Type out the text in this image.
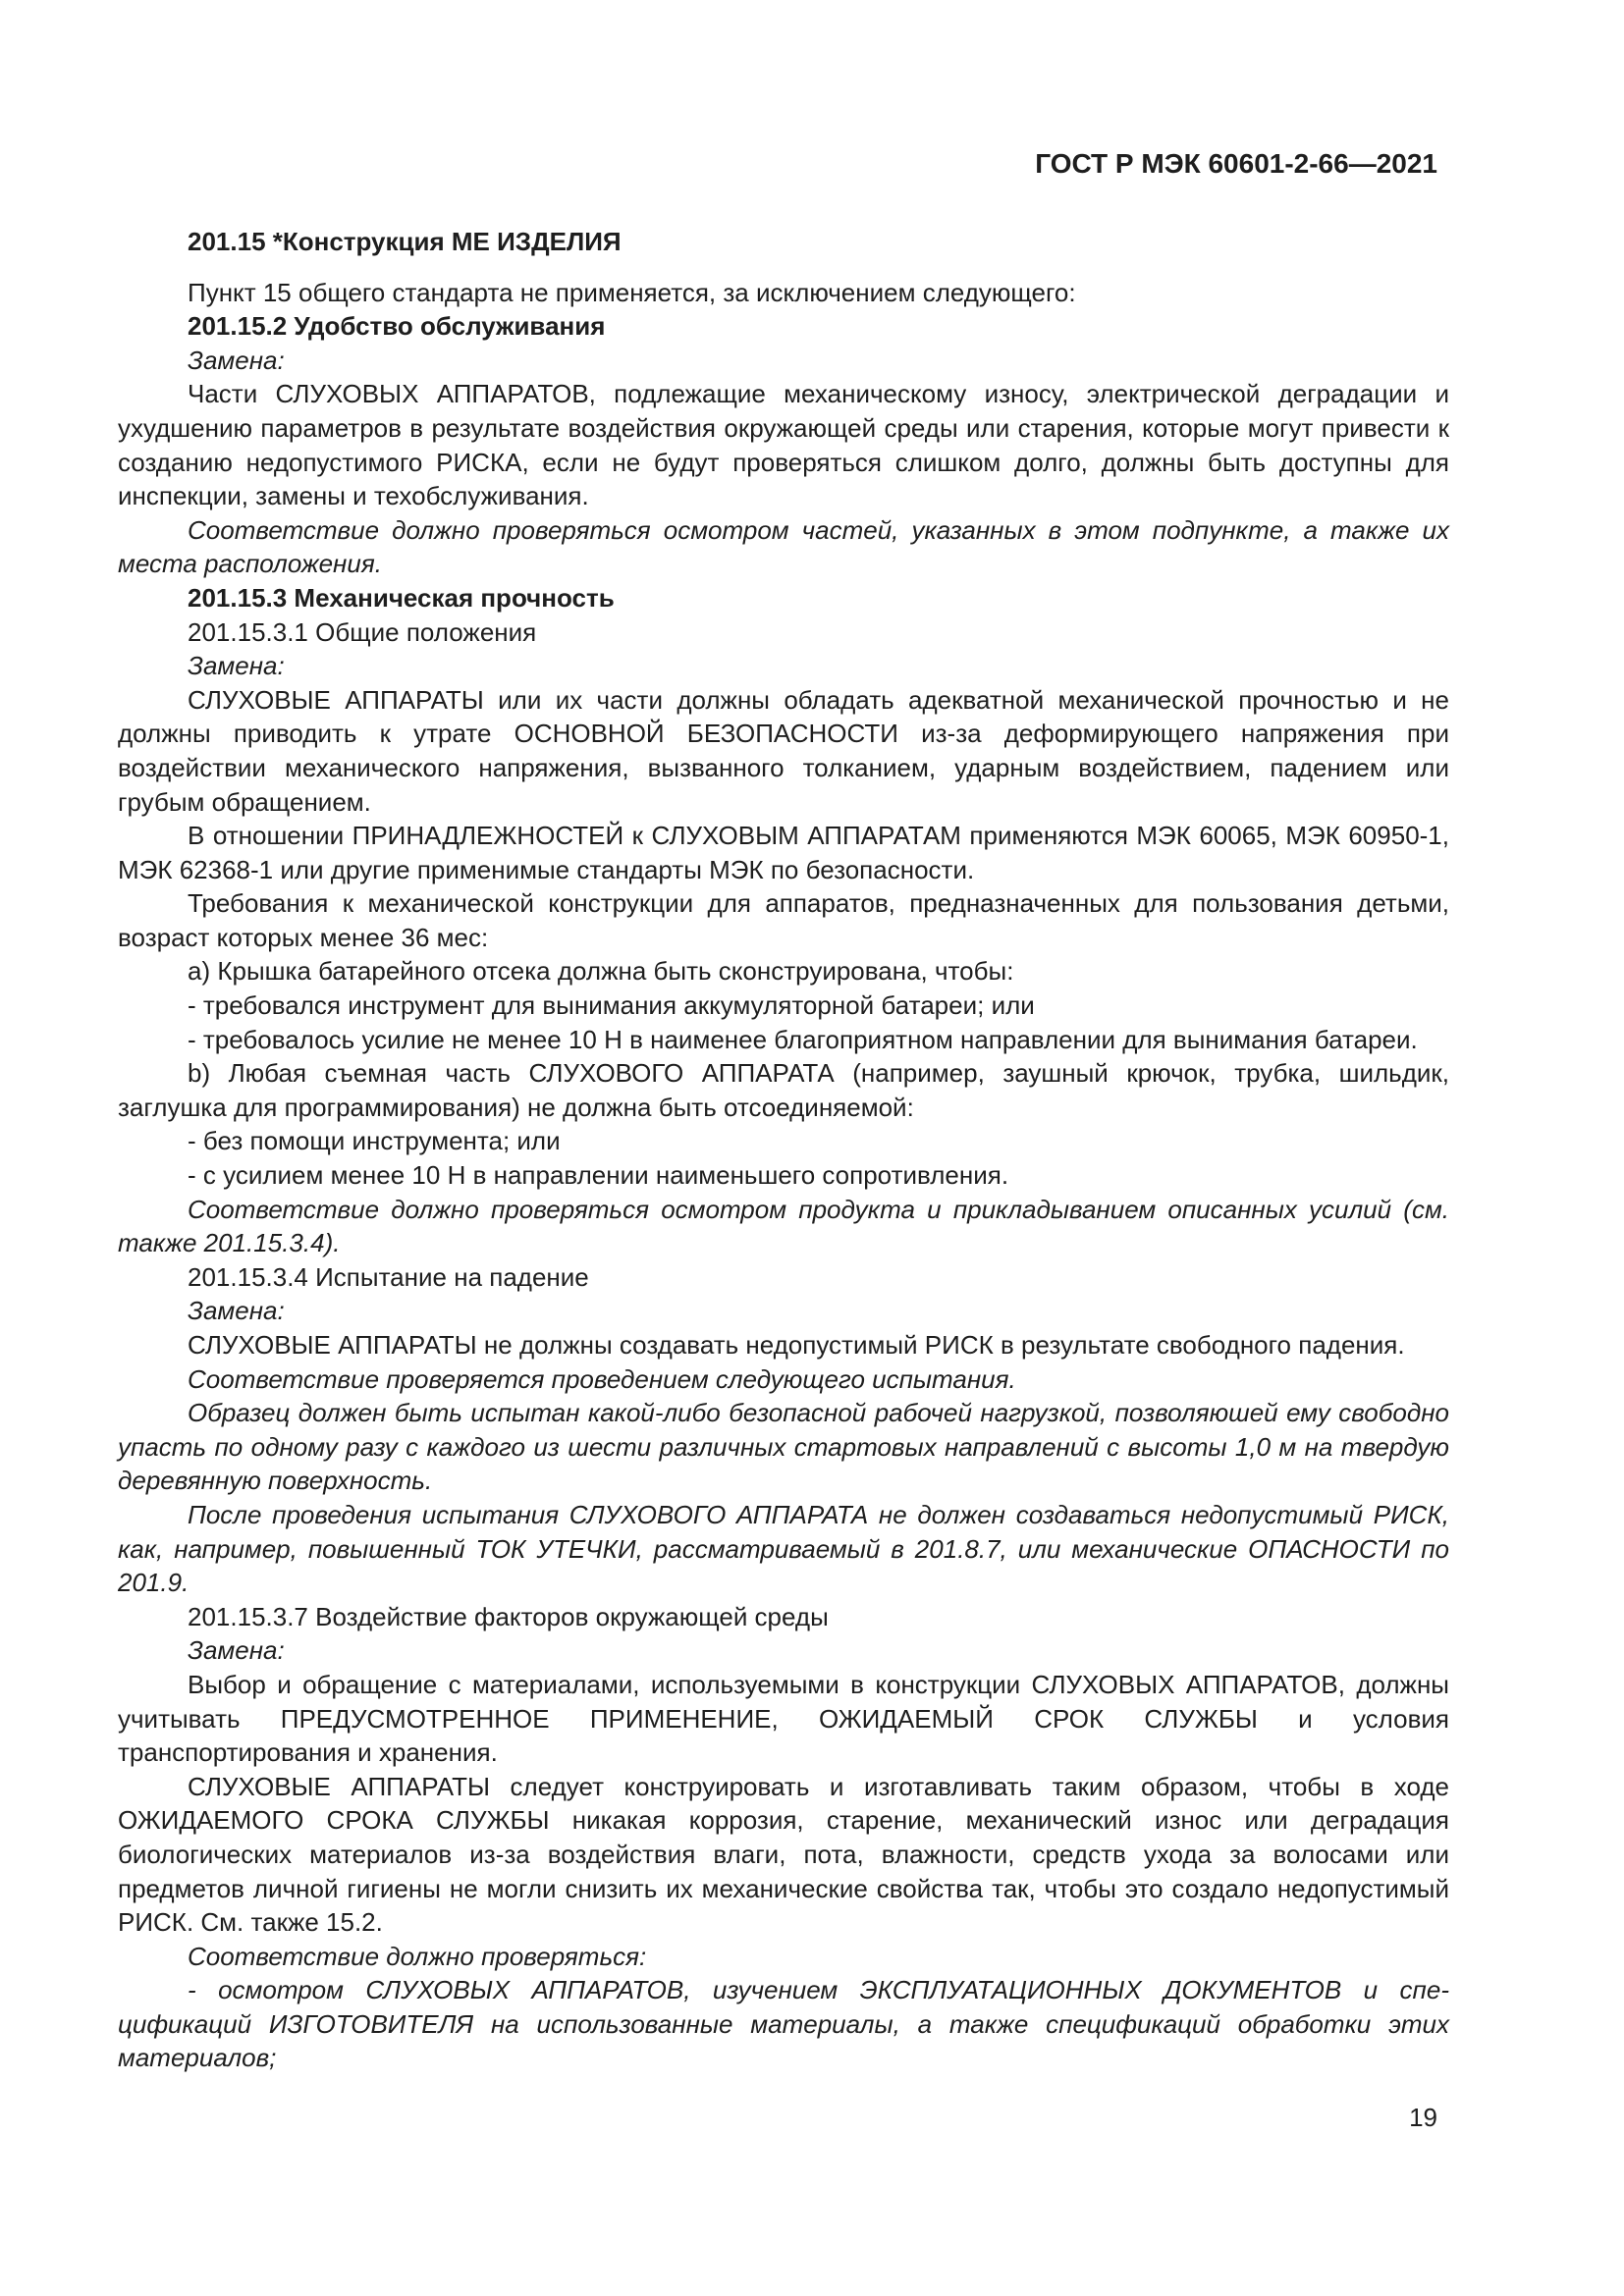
ГОСТ Р МЭК 60601-2-66—2021

201.15 *Конструкция МЕ ИЗДЕЛИЯ

Пункт 15 общего стандарта не применяется, за исключением следующего:

201.15.2 Удобство обслуживания

Замена:

Части СЛУХОВЫХ АППАРАТОВ, подлежащие механическому износу, электрической деградации и ухудшению параметров в результате воздействия окружающей среды или старения, которые могут привести к созданию недопустимого РИСКА, если не будут проверяться слишком долго, должны быть доступны для инспекции, замены и техобслуживания.

Соответствие должно проверяться осмотром частей, указанных в этом подпункте, а также их места расположения.

201.15.3 Механическая прочность

201.15.3.1 Общие положения

Замена:

СЛУХОВЫЕ АППАРАТЫ или их части должны обладать адекватной механической прочностью и не должны приводить к утрате ОСНОВНОЙ БЕЗОПАСНОСТИ из-за деформирующего напряжения при воздействии механического напряжения, вызванного толканием, ударным воздействием, падением или грубым обращением.

В отношении ПРИНАДЛЕЖНОСТЕЙ к СЛУХОВЫМ АППАРАТАМ применяются МЭК 60065, МЭК 60950-1, МЭК 62368-1 или другие применимые стандарты МЭК по безопасности.

Требования к механической конструкции для аппаратов, предназначенных для пользования детьми, возраст которых менее 36 мес:

a) Крышка батарейного отсека должна быть сконструирована, чтобы:

- требовался инструмент для вынимания аккумуляторной батареи; или

- требовалось усилие не менее 10 Н в наименее благоприятном направлении для вынимания батареи.

b) Любая съемная часть СЛУХОВОГО АППАРАТА (например, заушный крючок, трубка, шильдик, заглушка для программирования) не должна быть отсоединяемой:

- без помощи инструмента; или

- с усилием менее 10 Н в направлении наименьшего сопротивления.

Соответствие должно проверяться осмотром продукта и прикладыванием описанных усилий (см. также 201.15.3.4).

201.15.3.4 Испытание на падение

Замена:

СЛУХОВЫЕ АППАРАТЫ не должны создавать недопустимый РИСК в результате свободного падения.

Соответствие проверяется проведением следующего испытания.

Образец должен быть испытан какой-либо безопасной рабочей нагрузкой, позволяюшей ему свободно упасть по одному разу с каждого из шести различных стартовых направлений с высоты 1,0 м на твердую деревянную поверхность.

После проведения испытания СЛУХОВОГО АППАРАТА не должен создаваться недопустимый РИСК, как, например, повышенный ТОК УТЕЧКИ, рассматриваемый в 201.8.7, или механические ОПАСНОСТИ по 201.9.

201.15.3.7 Воздействие факторов окружающей среды

Замена:

Выбор и обращение с материалами, используемыми в конструкции СЛУХОВЫХ АППАРАТОВ, должны учитывать ПРЕДУСМОТРЕННОЕ ПРИМЕНЕНИЕ, ОЖИДАЕМЫЙ СРОК СЛУЖБЫ и условия транспортирования и хранения.

СЛУХОВЫЕ АППАРАТЫ следует конструировать и изготавливать таким образом, чтобы в ходе ОЖИДАЕМОГО СРОКА СЛУЖБЫ никакая коррозия, старение, механический износ или деградация биологических материалов из-за воздействия влаги, пота, влажности, средств ухода за волосами или предметов личной гигиены не могли снизить их механические свойства так, чтобы это создало недопустимый РИСК. См. также 15.2.

Соответствие должно проверяться:

- осмотром СЛУХОВЫХ АППАРАТОВ, изучением ЭКСПЛУАТАЦИОННЫХ ДОКУМЕНТОВ и спецификаций ИЗГОТОВИТЕЛЯ на использованные материалы, а также спецификаций обработки этих материалов;

19
